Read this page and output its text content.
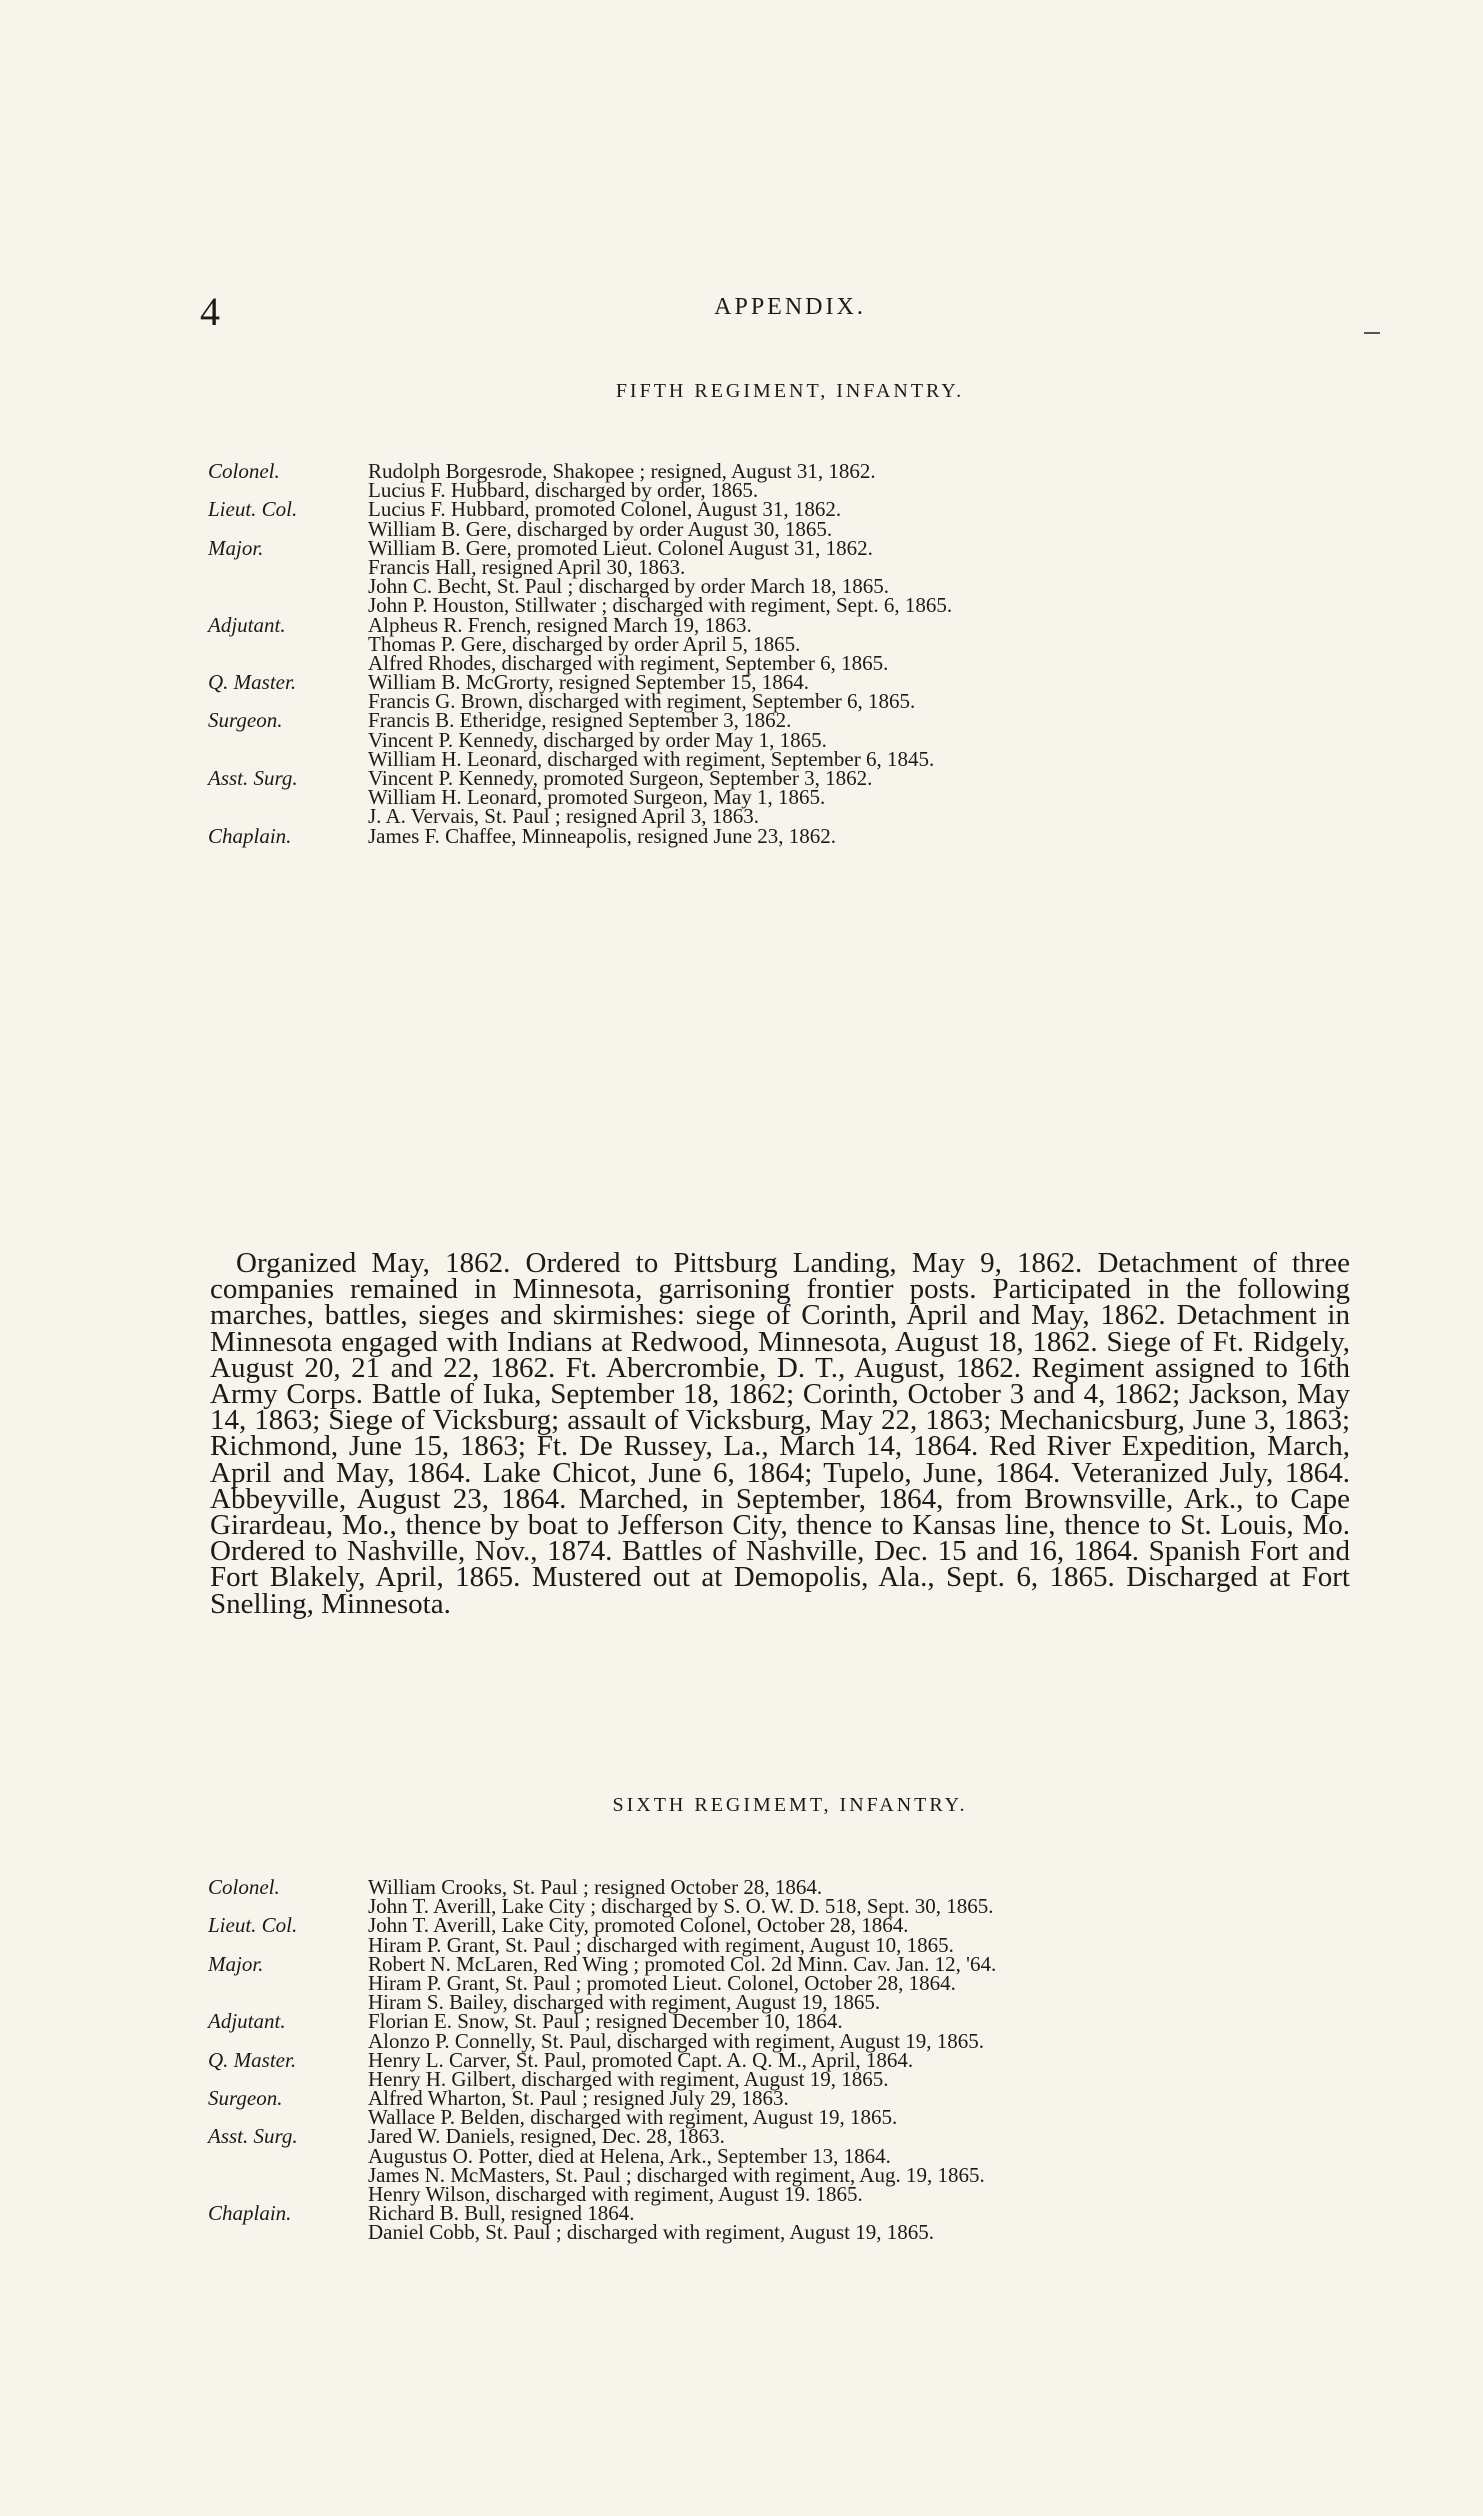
4	APPENDIX.
FIFTH REGIMENT, INFANTRY.
Colonel.	Rudolph Borgesrode, Shakopee ; resigned, August 31, 1862.
Lucius F. Hubbard, discharged by order, 1865.
Lieut. Col.	Lucius F. Hubbard, promoted Colonel, August 31, 1862.
William B. Gere, discharged by order August 30, 1865.
Major.	William B. Gere, promoted Lieut. Colonel August 31, 1862.
Francis Hall, resigned April 30, 1863.
John C. Becht, St. Paul ; discharged by order March 18, 1865.
John P. Houston, Stillwater ; discharged with regiment, Sept. 6, 1865.
Adjutant.	Alpheus R. French, resigned March 19, 1863.
Thomas P. Gere, discharged by order April 5, 1865.
Alfred Rhodes, discharged with regiment, September 6, 1865.
Q. Master.	William B. McGrorty, resigned September 15, 1864.
Francis G. Brown, discharged with regiment, September 6, 1865.
Surgeon.	Francis B. Etheridge, resigned September 3, 1862.
Vincent P. Kennedy, discharged by order May 1, 1865.
William H. Leonard, discharged with regiment, September 6, 1845.
Asst. Surg.	Vincent P. Kennedy, promoted Surgeon, September 3, 1862.
William H. Leonard, promoted Surgeon, May 1, 1865.
J. A. Vervais, St. Paul ; resigned April 3, 1863.
Chaplain.	James F. Chaffee, Minneapolis, resigned June 23, 1862.

Organized May, 1862. Ordered to Pittsburg Landing, May 9, 1862. Detachment of three companies remained in Minnesota, garrisoning frontier posts. Participated in the following marches, battles, sieges and skirmishes: siege of Corinth, April and May, 1862. Detachment in Minnesota engaged with Indians at Redwood, Minnesota, August 18, 1862. Siege of Ft. Ridgely, August 20, 21 and 22, 1862. Ft. Abercrombie, D. T., August, 1862. Regiment assigned to 16th Army Corps. Battle of Iuka, September 18, 1862; Corinth, October 3 and 4, 1862; Jackson, May 14, 1863; Siege of Vicksburg; assault of Vicksburg, May 22, 1863; Mechanicsburg, June 3, 1863; Richmond, June 15, 1863; Ft. De Russey, La., March 14, 1864. Red River Expedition, March, April and May, 1864. Lake Chicot, June 6, 1864; Tupelo, June, 1864. Veteranized July, 1864. Abbeyville, August 23, 1864. Marched, in September, 1864, from Brownsville, Ark., to Cape Girardeau, Mo., thence by boat to Jefferson City, thence to Kansas line, thence to St. Louis, Mo. Ordered to Nashville, Nov., 1874. Battles of Nashville, Dec. 15 and 16, 1864. Spanish Fort and Fort Blakely, April, 1865. Mustered out at Demopolis, Ala., Sept. 6, 1865. Discharged at Fort Snelling, Minnesota.

SIXTH REGIMEMT, INFANTRY.
Colonel.	William Crooks, St. Paul ; resigned October 28, 1864.
John T. Averill, Lake City ; discharged by S. O. W. D. 518, Sept. 30, 1865.
Lieut. Col.	John T. Averill, Lake City, promoted Colonel, October 28, 1864.
Hiram P. Grant, St. Paul ; discharged with regiment, August 10, 1865.
Major.	Robert N. McLaren, Red Wing ; promoted Col. 2d Minn. Cav. Jan. 12, '64.
Hiram P. Grant, St. Paul ; promoted Lieut. Colonel, October 28, 1864.
Hiram S. Bailey, discharged with regiment, August 19, 1865.
Adjutant.	Florian E. Snow, St. Paul ; resigned December 10, 1864.
Alonzo P. Connelly, St. Paul, discharged with regiment, August 19, 1865.
Q. Master.	Henry L. Carver, St. Paul, promoted Capt. A. Q. M., April, 1864.
Henry H. Gilbert, discharged with regiment, August 19, 1865.
Surgeon.	Alfred Wharton, St. Paul ; resigned July 29, 1863.
Wallace P. Belden, discharged with regiment, August 19, 1865.
Asst. Surg.	Jared W. Daniels, resigned, Dec. 28, 1863.
Augustus O. Potter, died at Helena, Ark., September 13, 1864.
James N. McMasters, St. Paul ; discharged with regiment, Aug. 19, 1865.
Henry Wilson, discharged with regiment, August 19. 1865.
Chaplain.	Richard B. Bull, resigned 1864.
Daniel Cobb, St. Paul ; discharged with regiment, August 19, 1865.
